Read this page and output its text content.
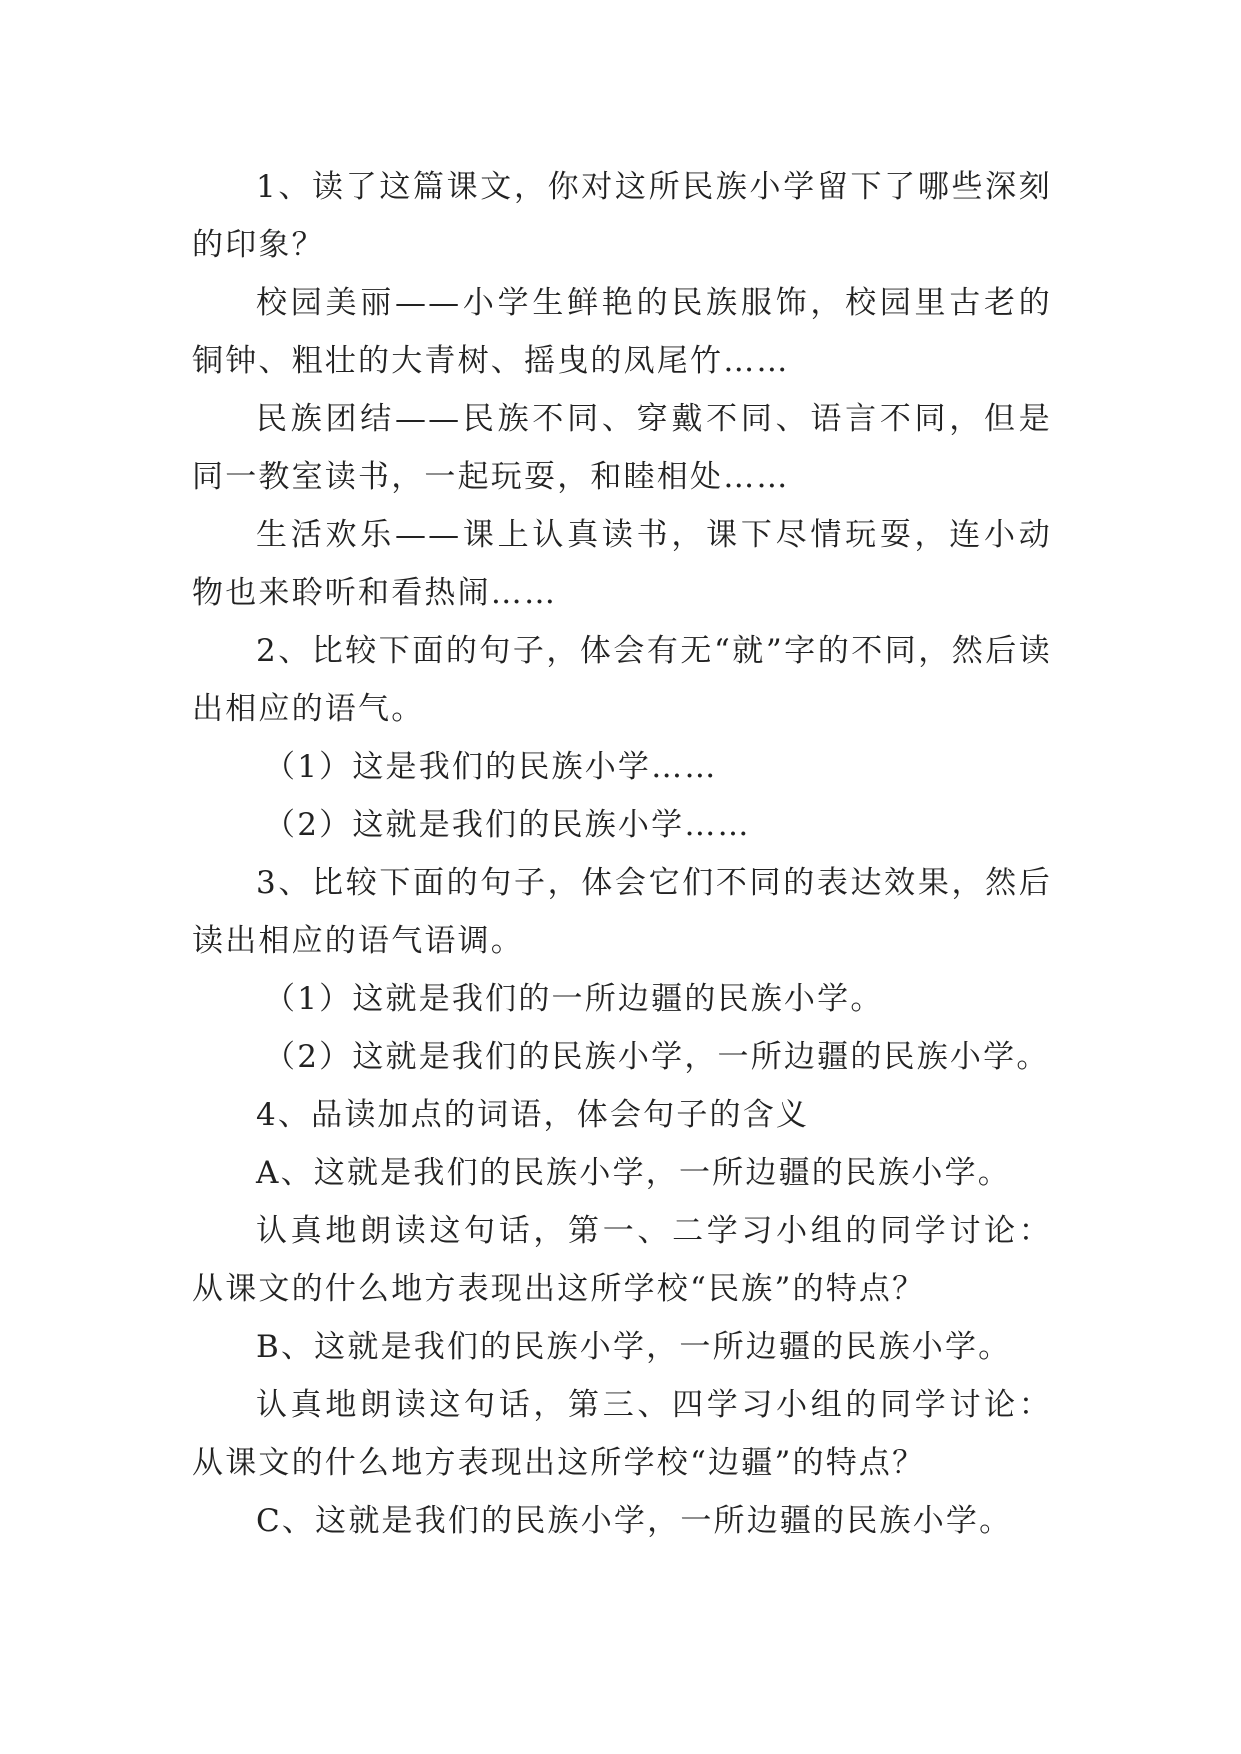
1、读了这篇课文，你对这所民族小学留下了哪些深刻的印象？

校园美丽——小学生鲜艳的民族服饰，校园里古老的铜钟、粗壮的大青树、摇曳的凤尾竹……

民族团结——民族不同、穿戴不同、语言不同，但是同一教室读书，一起玩耍，和睦相处……

生活欢乐——课上认真读书，课下尽情玩耍，连小动物也来聆听和看热闹……

2、比较下面的句子，体会有无“就”字的不同，然后读出相应的语气。

（1）这是我们的民族小学……

（2）这就是我们的民族小学……

3、比较下面的句子，体会它们不同的表达效果，然后读出相应的语气语调。

（1）这就是我们的一所边疆的民族小学。

（2）这就是我们的民族小学，一所边疆的民族小学。

4、品读加点的词语，体会句子的含义

A、这就是我们的民族小学，一所边疆的民族小学。

认真地朗读这句话，第一、二学习小组的同学讨论：从课文的什么地方表现出这所学校“民族”的特点？

B、这就是我们的民族小学，一所边疆的民族小学。

认真地朗读这句话，第三、四学习小组的同学讨论：从课文的什么地方表现出这所学校“边疆”的特点？

C、这就是我们的民族小学，一所边疆的民族小学。
